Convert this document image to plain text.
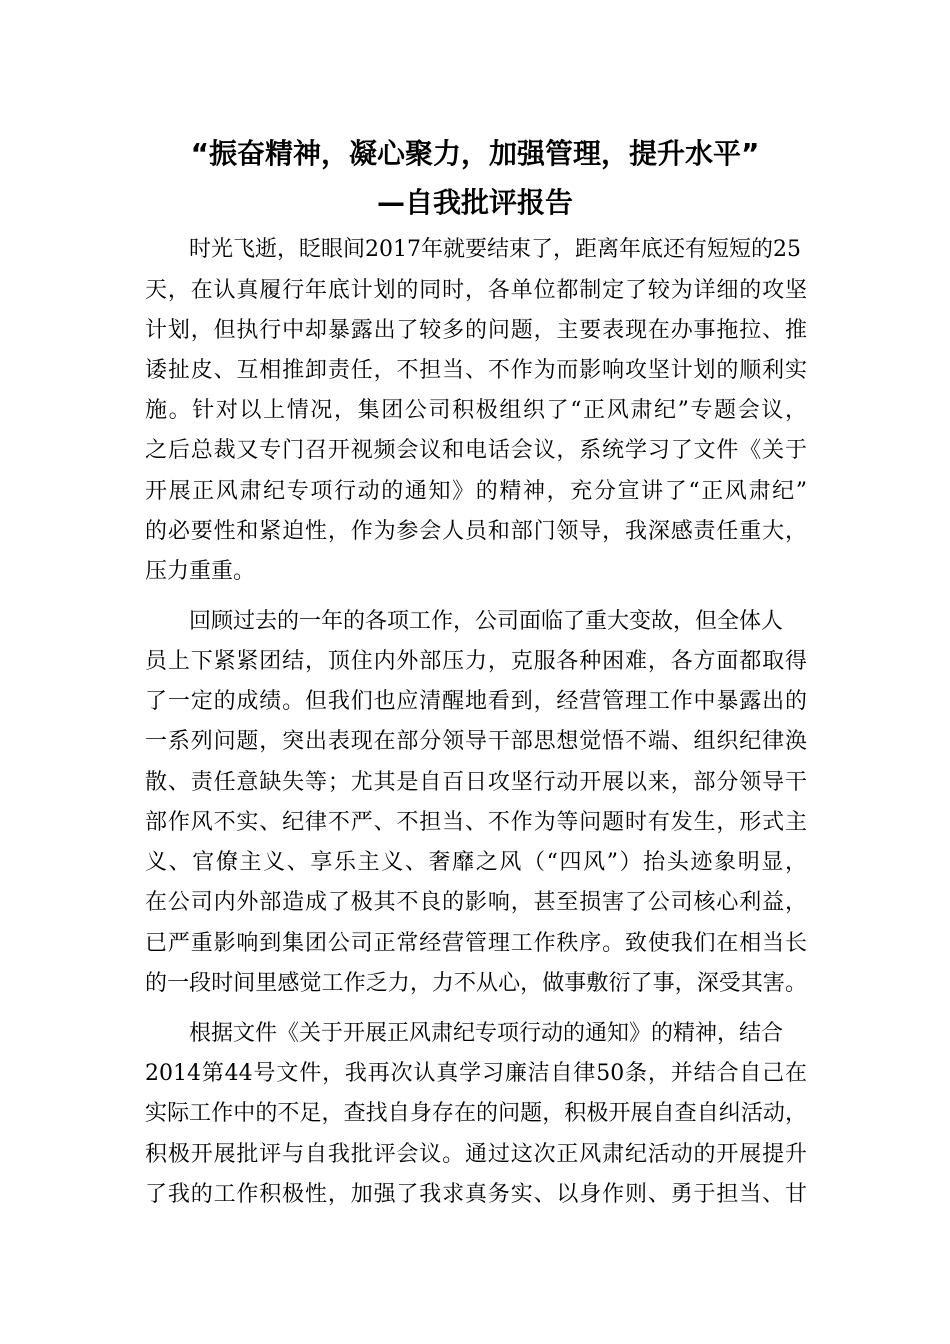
“振奋精神，凝心聚力，加强管理，提升水平”
—自我批评报告
时光飞逝，眨眼间2017年就要结束了，距离年底还有短短的25
天，在认真履行年底计划的同时，各单位都制定了较为详细的攻坚
计划，但执行中却暴露出了较多的问题，主要表现在办事拖拉、推
诿扯皮、互相推卸责任，不担当、不作为而影响攻坚计划的顺利实
施。针对以上情况，集团公司积极组织了“正风肃纪”专题会议，
之后总裁又专门召开视频会议和电话会议，系统学习了文件《关于
开展正风肃纪专项行动的通知》的精神，充分宣讲了“正风肃纪”
的必要性和紧迫性，作为参会人员和部门领导，我深感责任重大，
压力重重。
回顾过去的一年的各项工作，公司面临了重大变故，但全体人
员上下紧紧团结，顶住内外部压力，克服各种困难，各方面都取得
了一定的成绩。但我们也应清醒地看到，经营管理工作中暴露出的
一系列问题，突出表现在部分领导干部思想觉悟不端、组织纪律涣
散、责任意缺失等；尤其是自百日攻坚行动开展以来，部分领导干
部作风不实、纪律不严、不担当、不作为等问题时有发生，形式主
义、官僚主义、享乐主义、奢靡之风（“四风”）抬头迹象明显，
在公司内外部造成了极其不良的影响，甚至损害了公司核心利益，
已严重影响到集团公司正常经营管理工作秩序。致使我们在相当长
的一段时间里感觉工作乏力，力不从心，做事敷衍了事，深受其害。
根据文件《关于开展正风肃纪专项行动的通知》的精神，结合
2014第44号文件，我再次认真学习廉洁自律50条，并结合自己在
实际工作中的不足，查找自身存在的问题，积极开展自查自纠活动，
积极开展批评与自我批评会议。通过这次正风肃纪活动的开展提升
了我的工作积极性，加强了我求真务实、以身作则、勇于担当、甘
